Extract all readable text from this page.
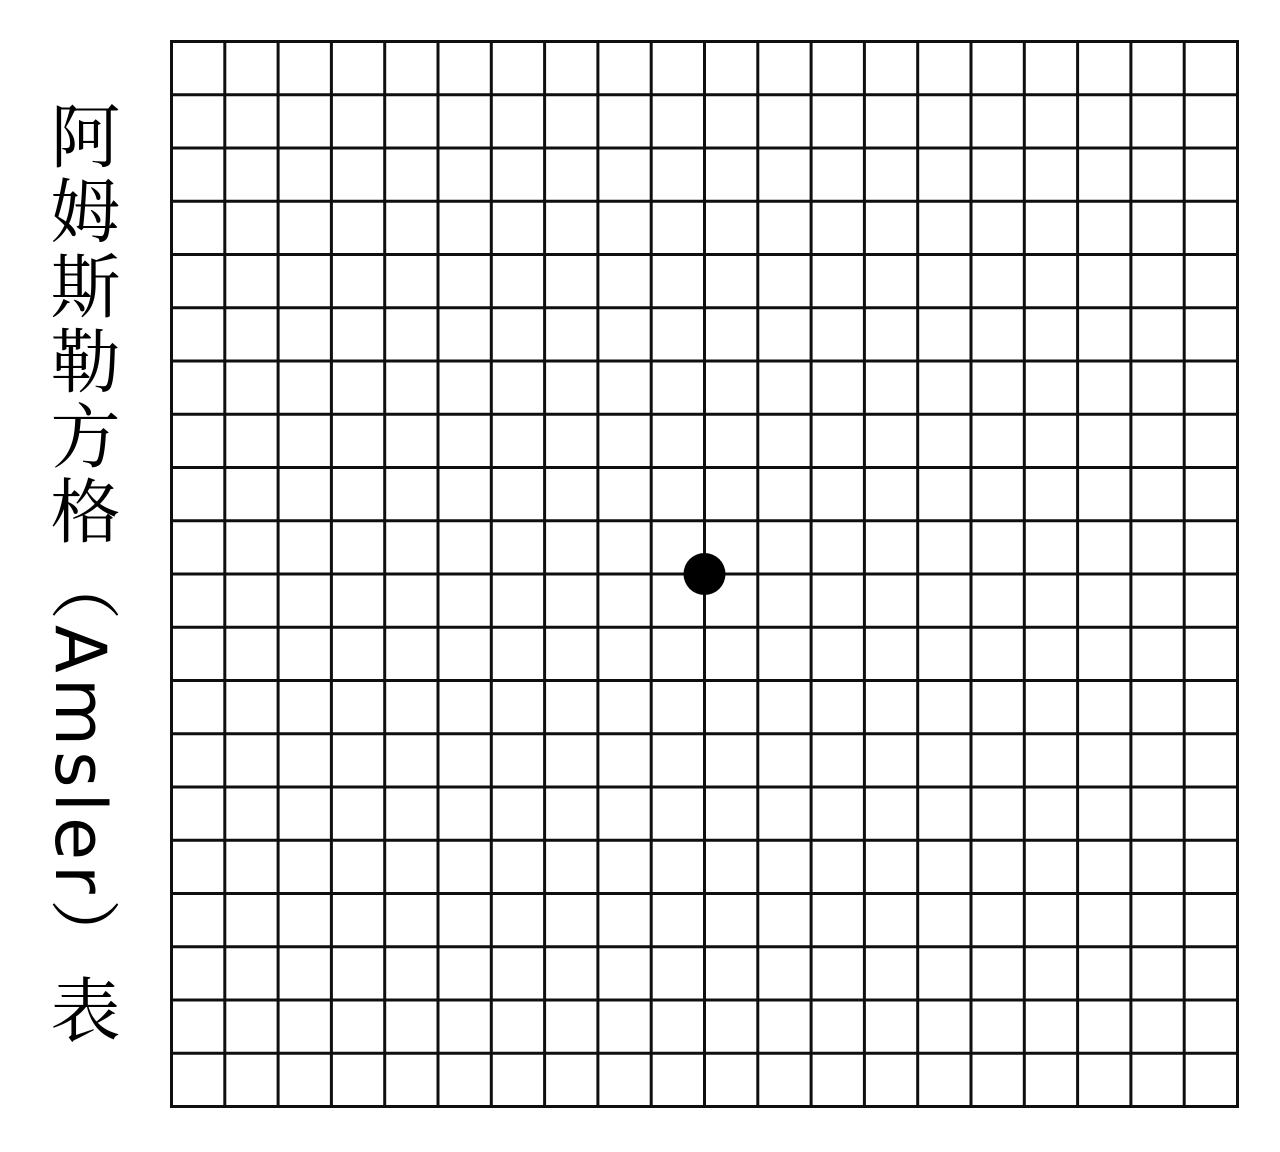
阿姆斯勒方格（Amsler）表
